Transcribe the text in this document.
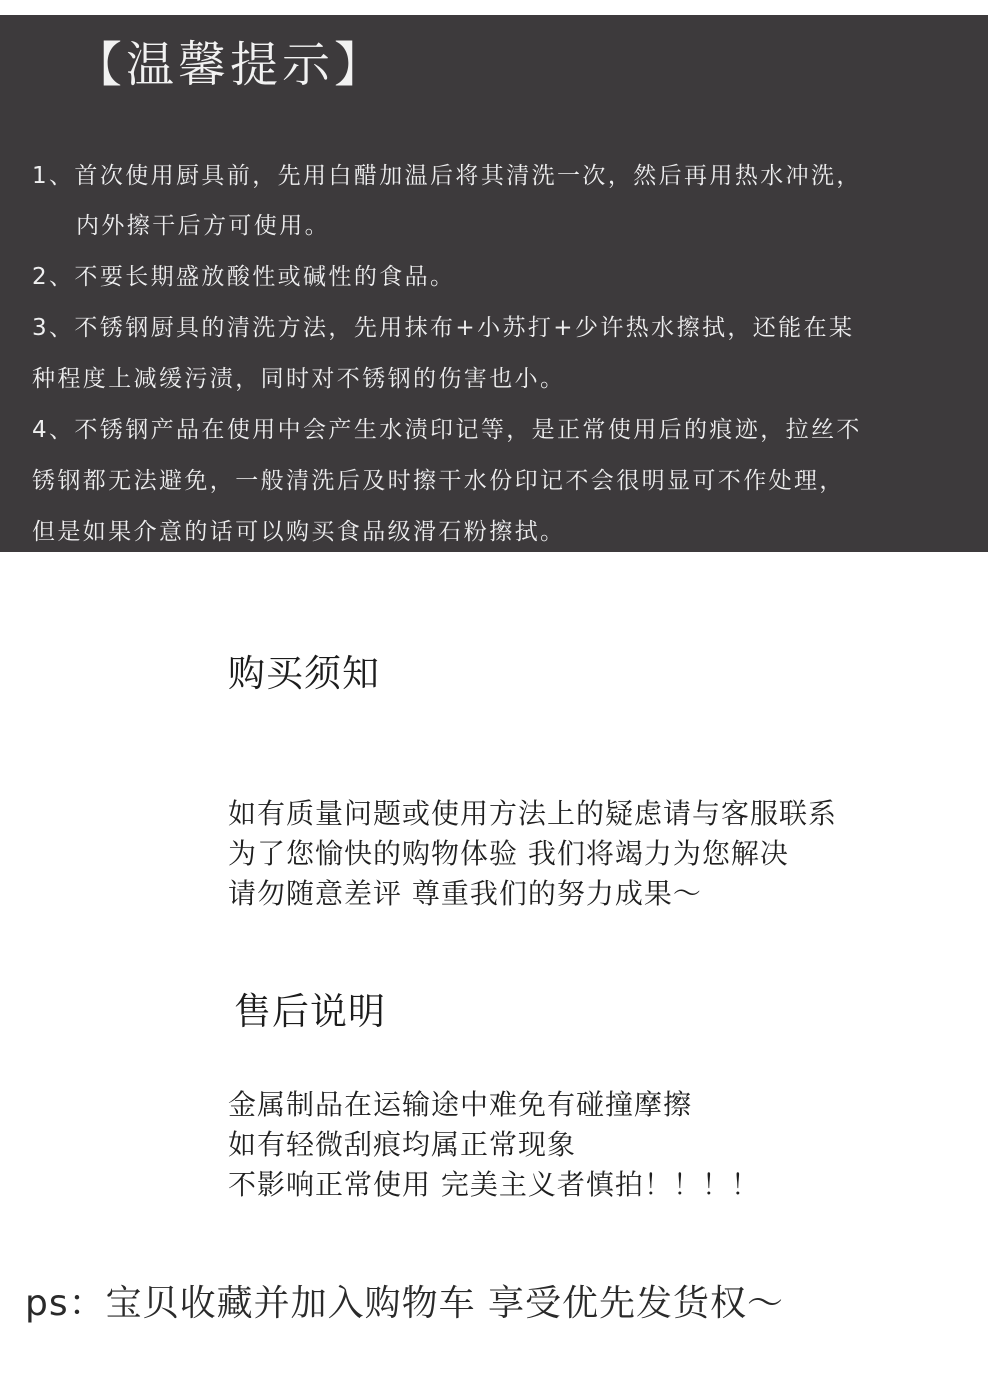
【温馨提示】
1、首次使用厨具前，先用白醋加温后将其清洗一次，然后再用热水冲洗，
内外擦干后方可使用。
2、不要长期盛放酸性或碱性的食品。
3、不锈钢厨具的清洗方法，先用抹布+小苏打+少许热水擦拭，还能在某
种程度上减缓污渍，同时对不锈钢的伤害也小。
4、不锈钢产品在使用中会产生水渍印记等，是正常使用后的痕迹，拉丝不
锈钢都无法避免，一般清洗后及时擦干水份印记不会很明显可不作处理，
但是如果介意的话可以购买食品级滑石粉擦拭。
购买须知
如有质量问题或使用方法上的疑虑请与客服联系
为了您愉快的购物体验 我们将竭力为您解决
请勿随意差评 尊重我们的努力成果～
售后说明
金属制品在运输途中难免有碰撞摩擦
如有轻微刮痕均属正常现象
不影响正常使用 完美主义者慎拍！！！！
ps：宝贝收藏并加入购物车 享受优先发货权～
